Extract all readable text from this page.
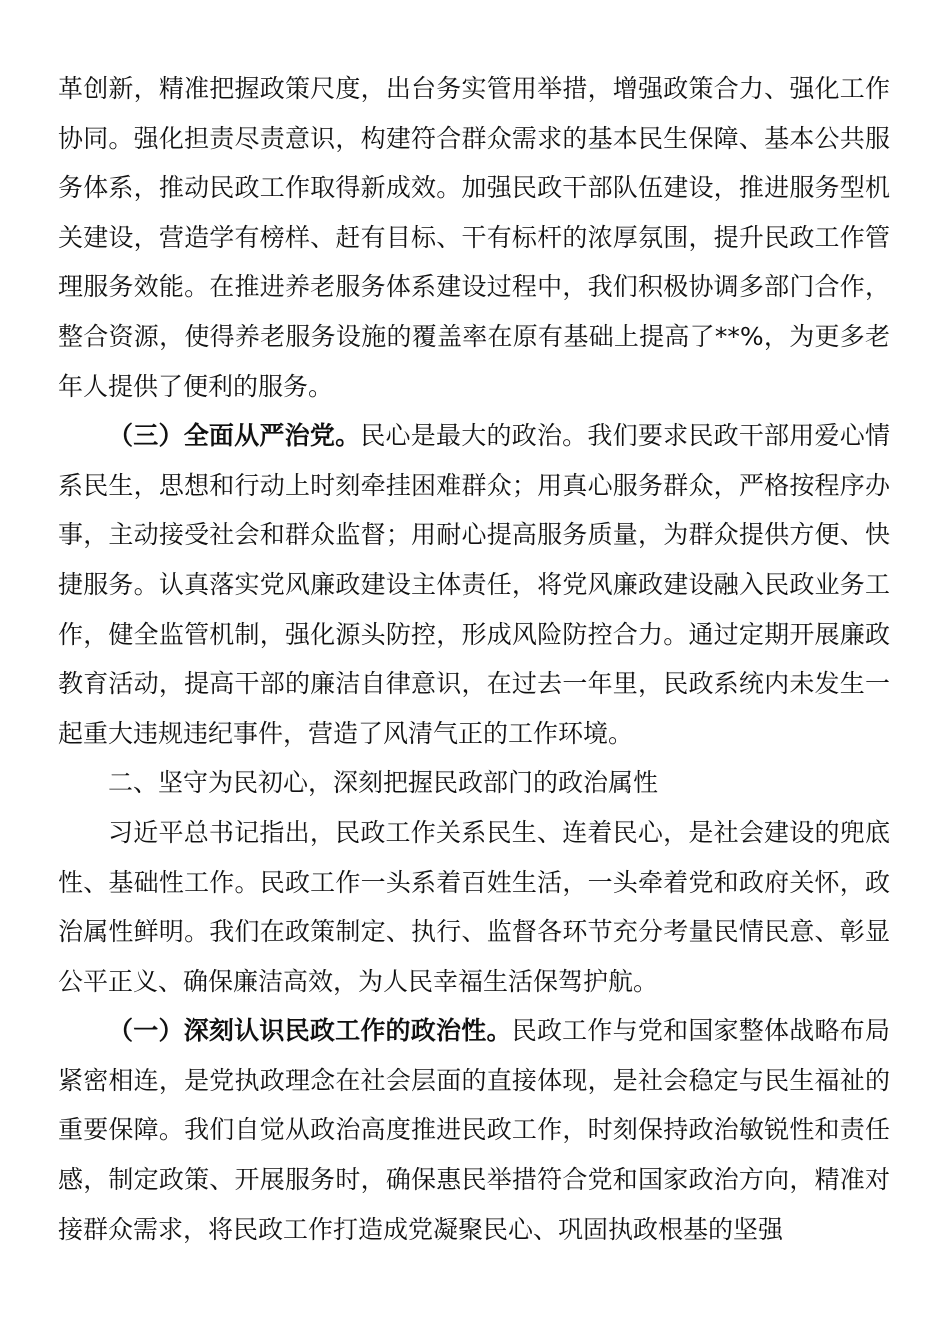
革创新，精准把握政策尺度，出台务实管用举措，增强政策合力、强化工作协同。强化担责尽责意识，构建符合群众需求的基本民生保障、基本公共服务体系，推动民政工作取得新成效。加强民政干部队伍建设，推进服务型机关建设，营造学有榜样、赶有目标、干有标杆的浓厚氛围，提升民政工作管理服务效能。在推进养老服务体系建设过程中，我们积极协调多部门合作，整合资源，使得养老服务设施的覆盖率在原有基础上提高了**%，为更多老年人提供了便利的服务。

（三）全面从严治党。民心是最大的政治。我们要求民政干部用爱心情系民生，思想和行动上时刻牵挂困难群众；用真心服务群众，严格按程序办事，主动接受社会和群众监督；用耐心提高服务质量，为群众提供方便、快捷服务。认真落实党风廉政建设主体责任，将党风廉政建设融入民政业务工作，健全监管机制，强化源头防控，形成风险防控合力。通过定期开展廉政教育活动，提高干部的廉洁自律意识，在过去一年里，民政系统内未发生一起重大违规违纪事件，营造了风清气正的工作环境。

二、坚守为民初心，深刻把握民政部门的政治属性

习近平总书记指出，民政工作关系民生、连着民心，是社会建设的兜底性、基础性工作。民政工作一头系着百姓生活，一头牵着党和政府关怀，政治属性鲜明。我们在政策制定、执行、监督各环节充分考量民情民意、彰显公平正义、确保廉洁高效，为人民幸福生活保驾护航。

（一）深刻认识民政工作的政治性。民政工作与党和国家整体战略布局紧密相连，是党执政理念在社会层面的直接体现，是社会稳定与民生福祉的重要保障。我们自觉从政治高度推进民政工作，时刻保持政治敏锐性和责任感，制定政策、开展服务时，确保惠民举措符合党和国家政治方向，精准对接群众需求，将民政工作打造成党凝聚民心、巩固执政根基的坚强
